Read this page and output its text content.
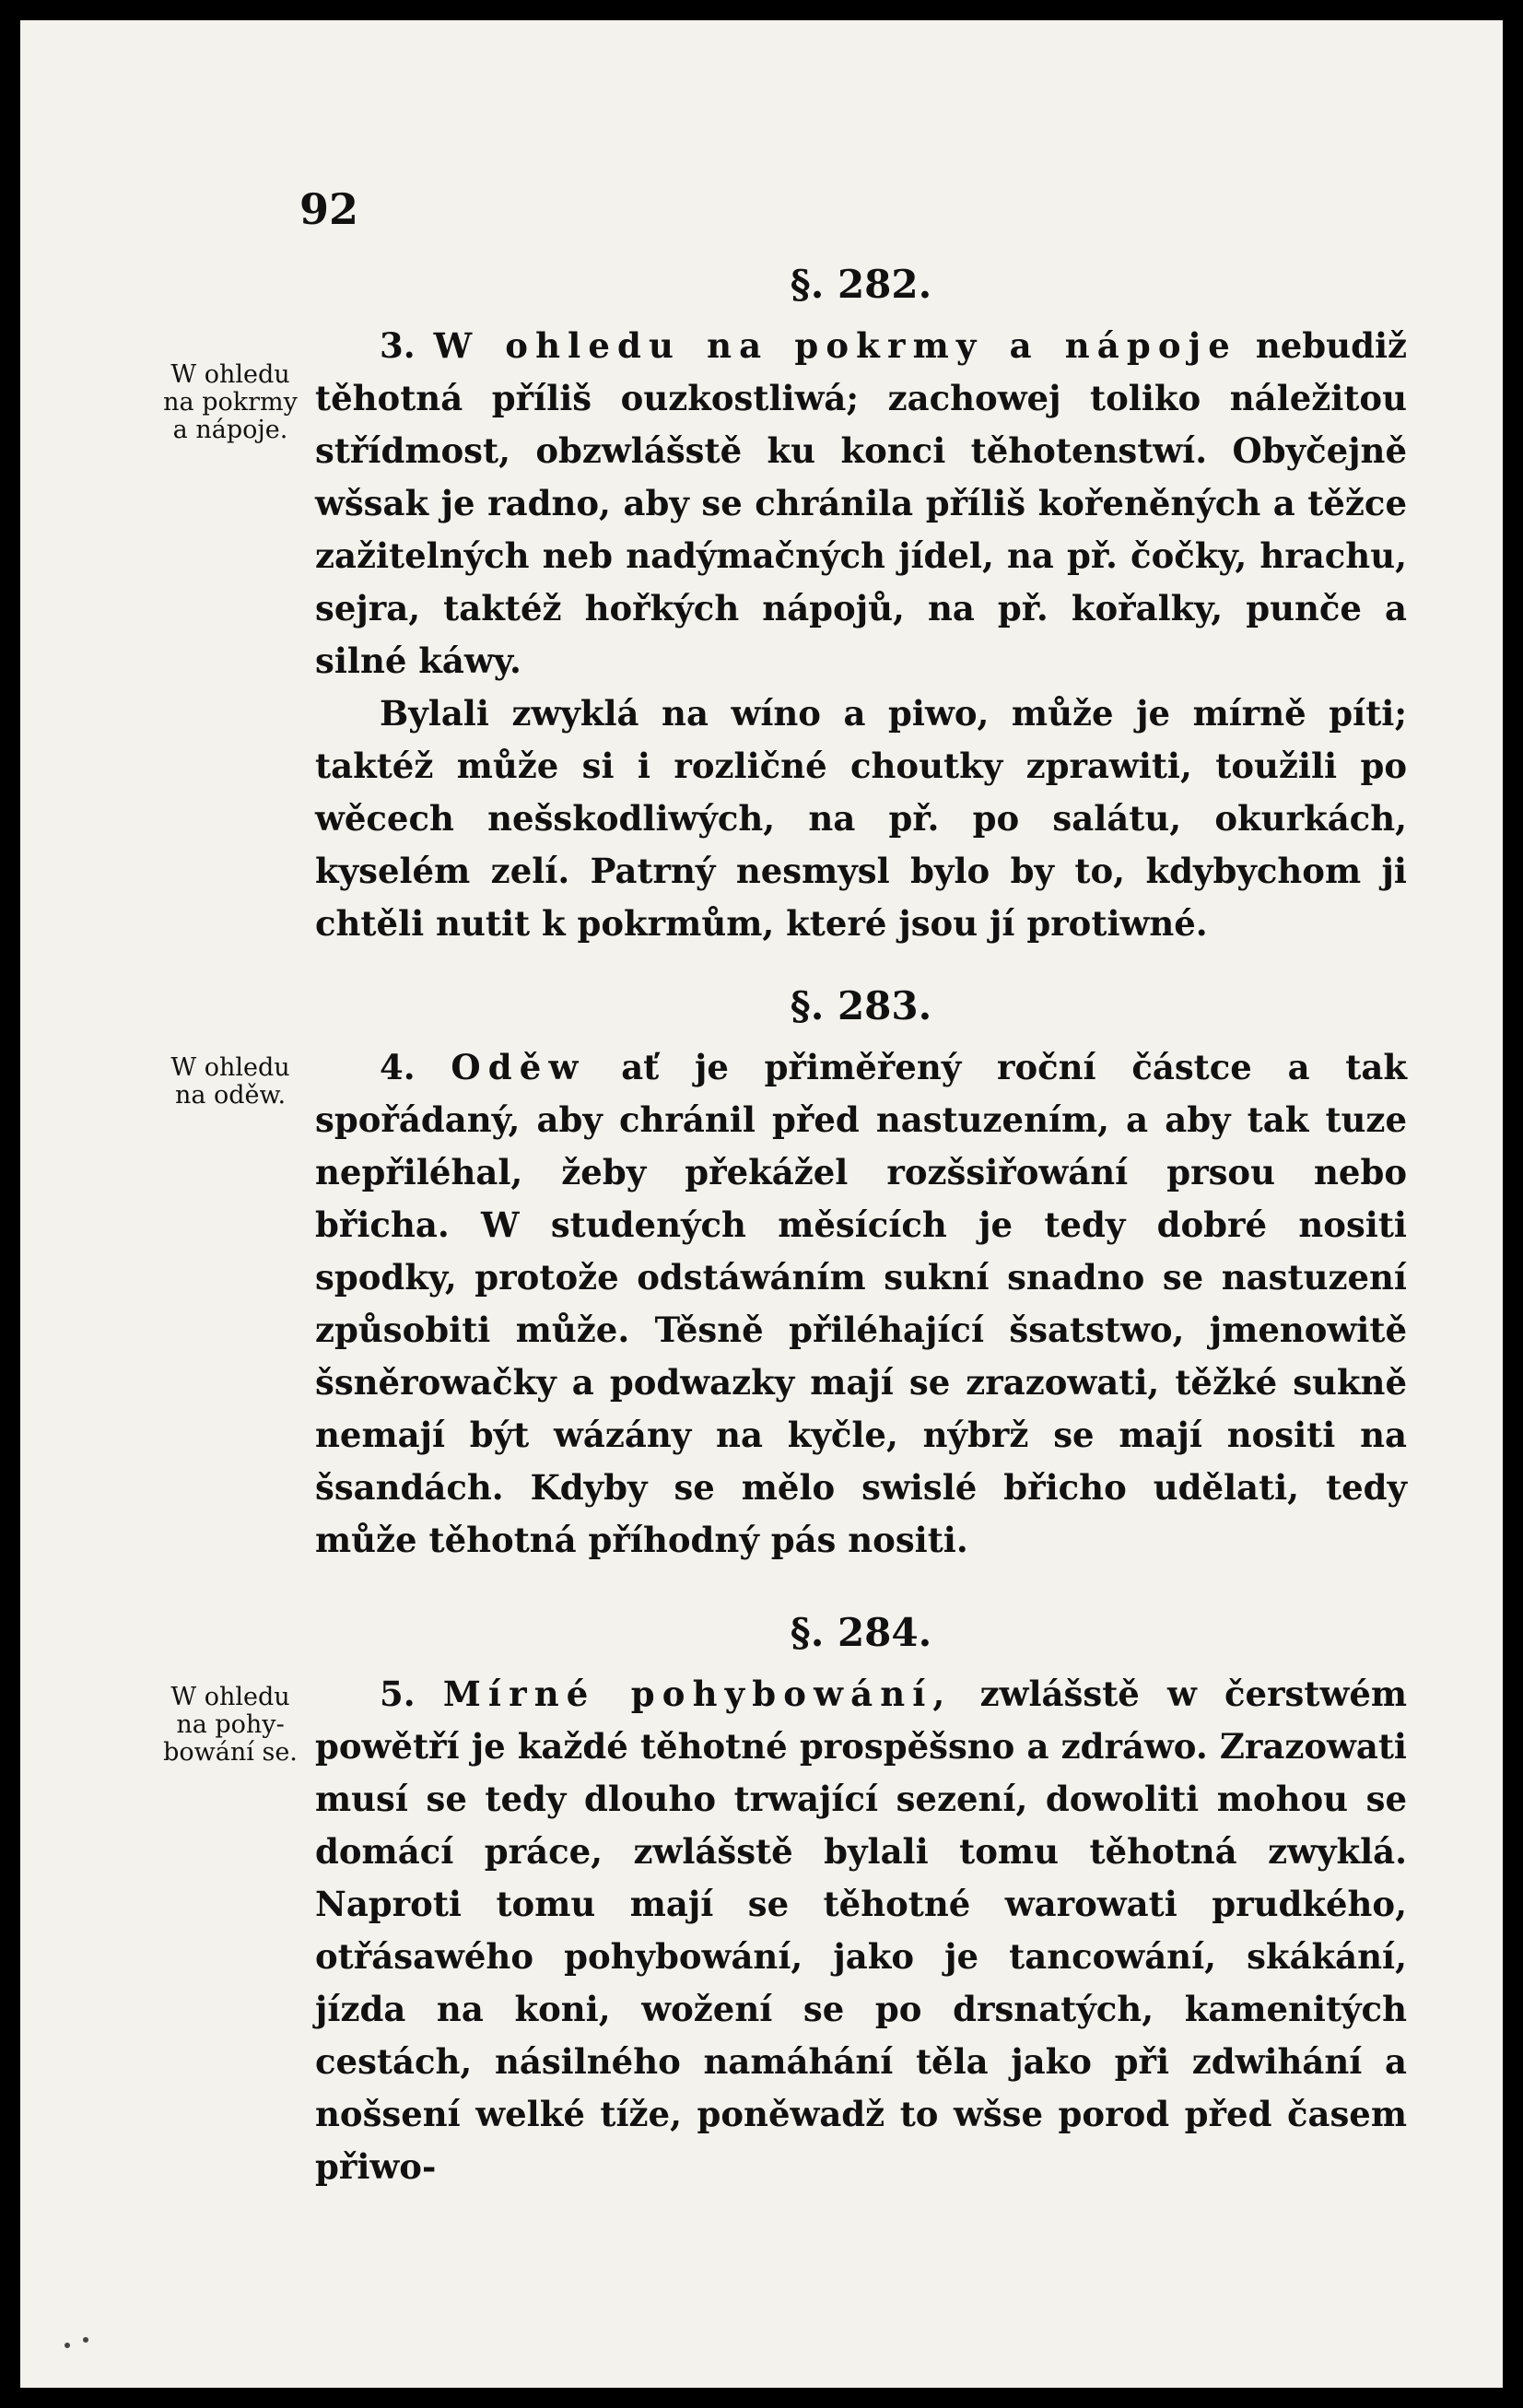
92
W ohledu
na pokrmy
a nápoje.
§. 282.

3. W ohledu na pokrmy a nápoje nebudiž těhotná příliš ouzkostliwá; zachowej toliko náležitou střídmost, obzwlášstě ku konci těhotenstwí. Obyčejně wšsak je radno, aby se chránila příliš kořeněných a těžce zažitelných neb nadýmačných jídel, na př. čočky, hrachu, sejra, taktéž hořkých nápojů, na př. kořalky, punče a silné káwy.

Bylali zwyklá na wíno a piwo, může je mírně píti; taktéž může si i rozličné choutky zprawiti, toužili po wěcech nešskodliwých, na př. po salátu, okurkách, kyselém zelí. Patrný nesmysl bylo by to, kdybychom ji chtěli nutit k pokrmům, které jsou jí protiwné.

W ohledu
na oděw.
§. 283.

4. Oděw ať je přiměřený roční částce a tak spořádaný, aby chránil před nastuzením, a aby tak tuze nepřiléhal, žeby překážel rozšsiřowání prsou nebo břicha. W studených měsících je tedy dobré nositi spodky, protože odstáwáním sukní snadno se nastuzení způsobiti může. Těsně přiléhající šsatstwo, jmenowitě šsněrowačky a podwazky mají se zrazowati, těžké sukně nemají být wázány na kyčle, nýbrž se mají nositi na šsandách. Kdyby se mělo swislé břicho udělati, tedy může těhotná příhodný pás nositi.

W ohledu
na pohy-
bowání se.
§. 284.

5. Mírné pohybowání, zwlášstě w čerstwém powětří je každé těhotné prospěšsno a zdráwo. Zrazowati musí se tedy dlouho trwající sezení, dowoliti mohou se domácí práce, zwlášstě bylali tomu těhotná zwyklá. Naproti tomu mají se těhotné warowati prudkého, otřásawého pohybowání, jako je tancowání, skákání, jízda na koni, wožení se po drsnatých, kamenitých cestách, násilného namáhání těla jako při zdwihání a nošsení welké tíže, poněwadž to wšse porod před časem přiwo-
